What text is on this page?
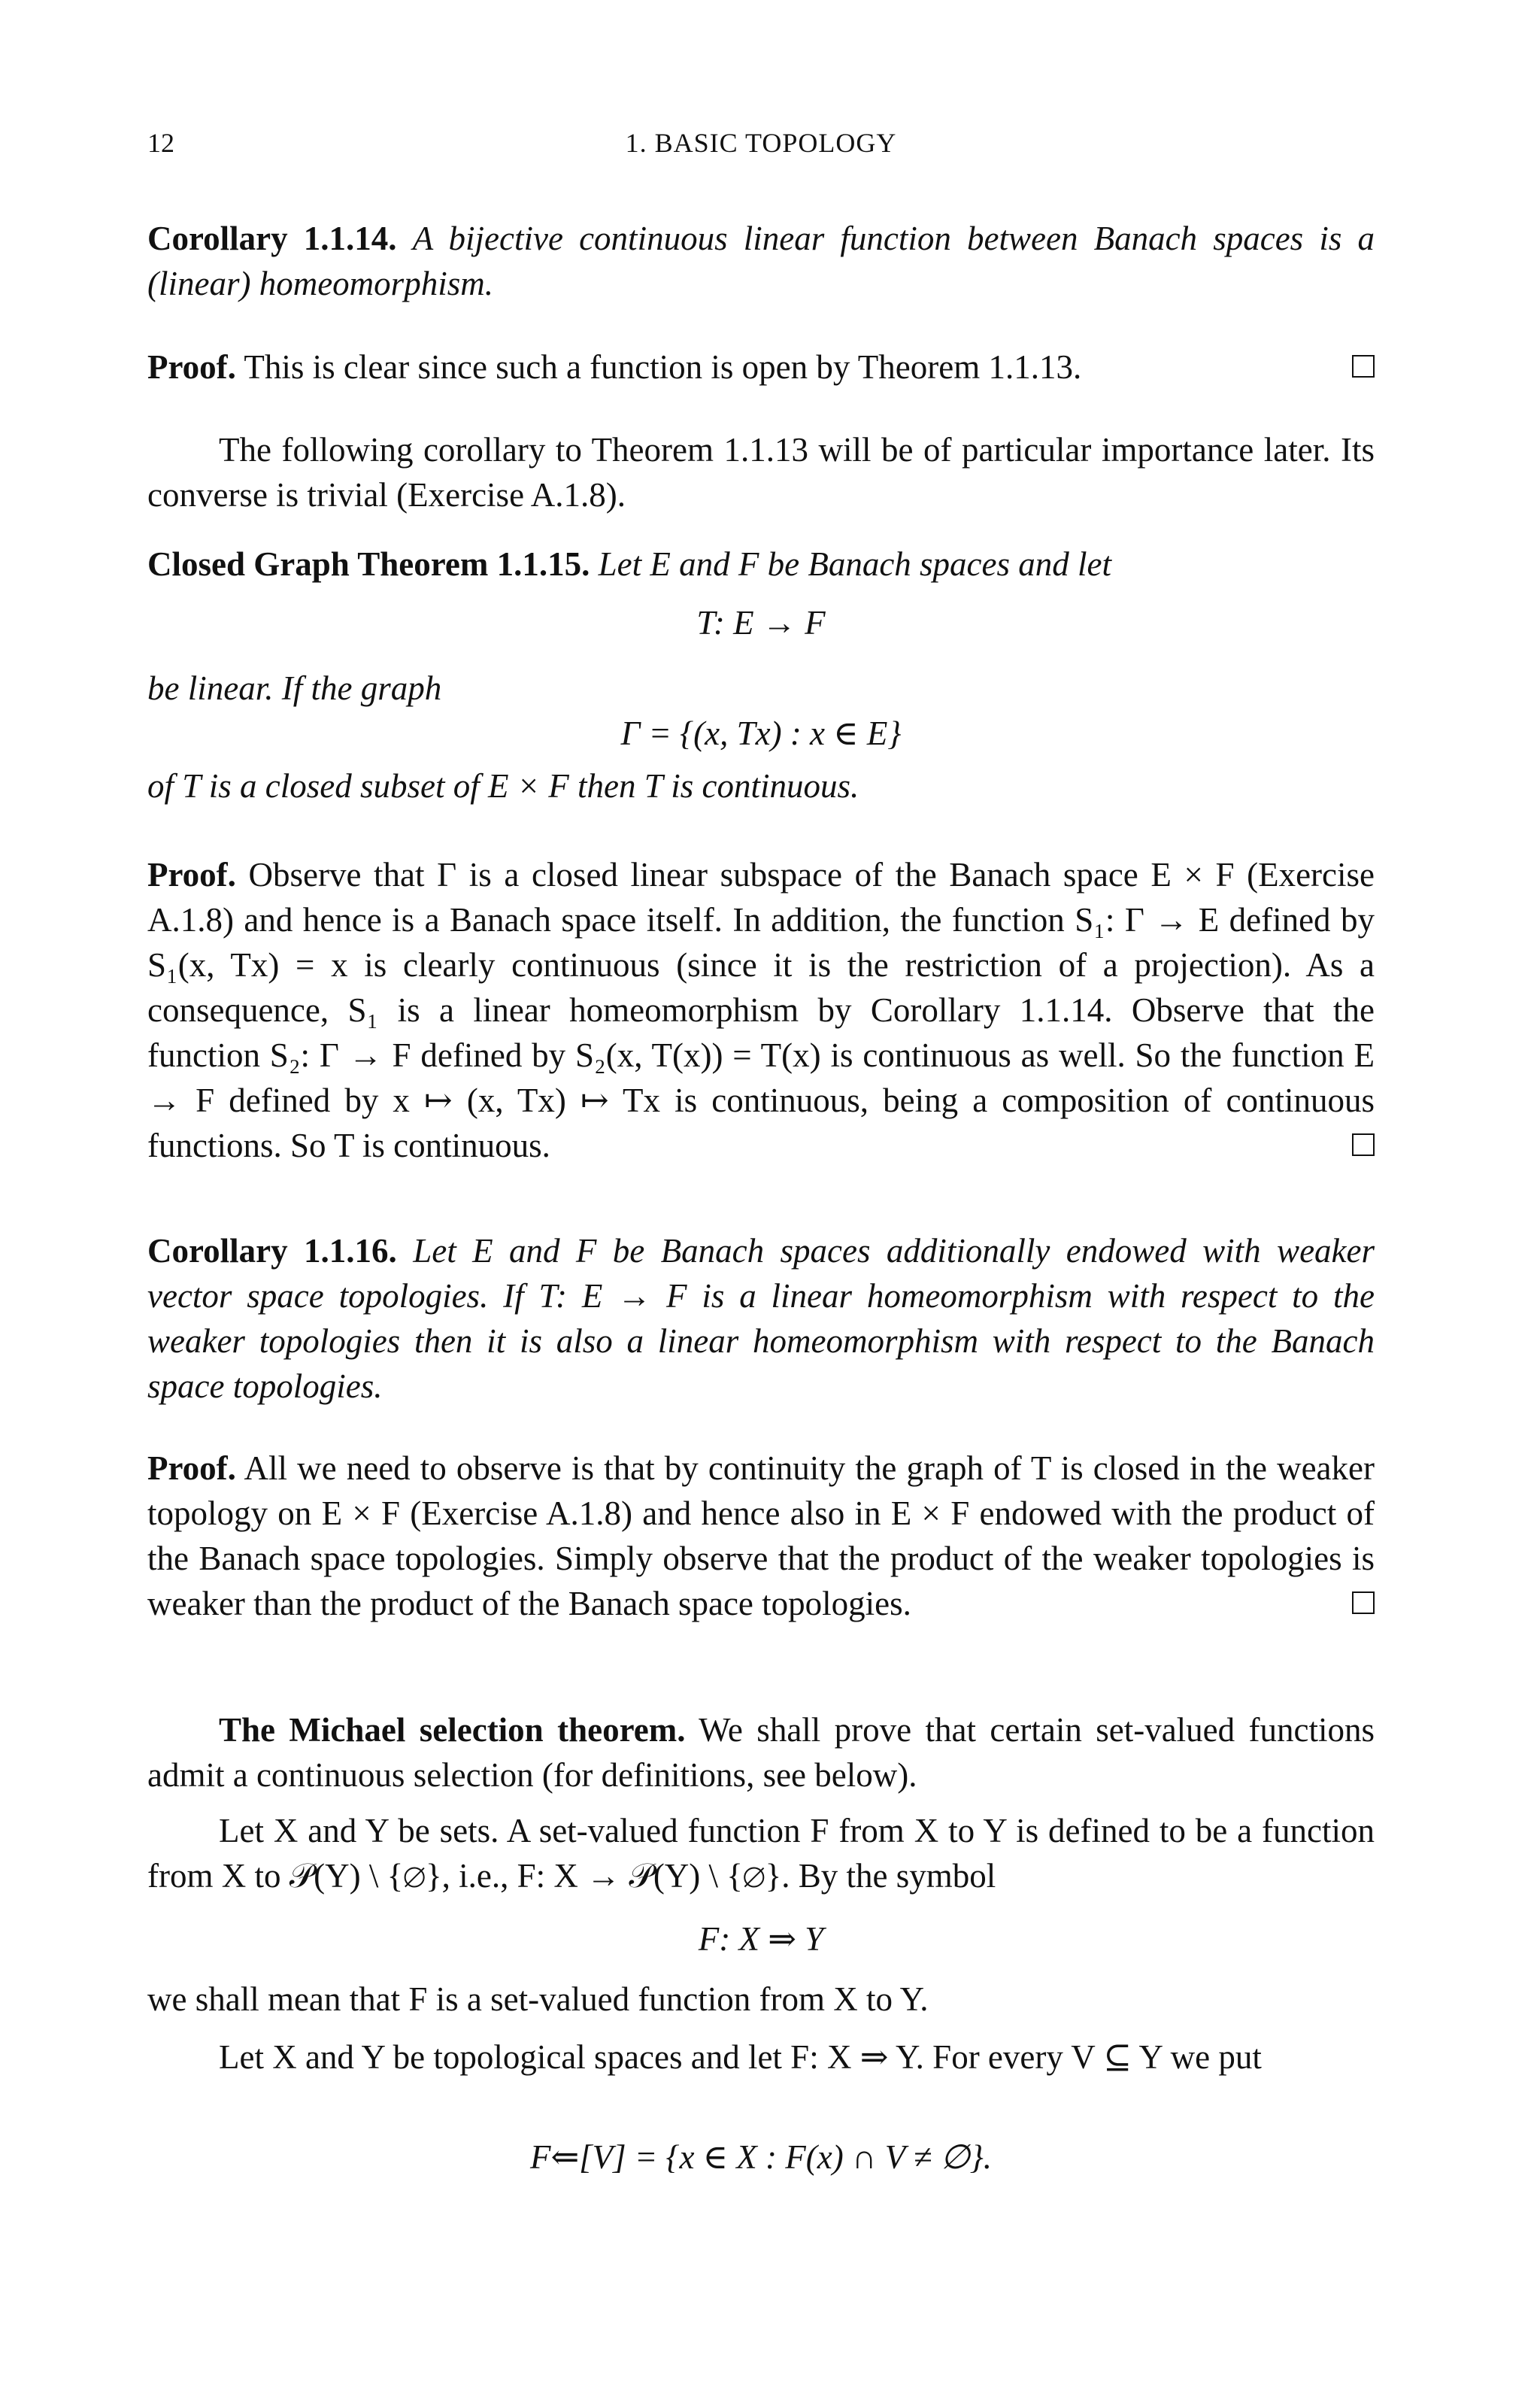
12	1. BASIC TOPOLOGY
Corollary 1.1.14. A bijective continuous linear function between Banach spaces is a (linear) homeomorphism.
Proof. This is clear since such a function is open by Theorem 1.1.13.
The following corollary to Theorem 1.1.13 will be of particular importance later. Its converse is trivial (Exercise A.1.8).
Closed Graph Theorem 1.1.15. Let E and F be Banach spaces and let
T: E → F
be linear. If the graph
Γ = {(x, Tx) : x ∈ E}
of T is a closed subset of E × F then T is continuous.
Proof. Observe that Γ is a closed linear subspace of the Banach space E × F (Exercise A.1.8) and hence is a Banach space itself. In addition, the function S₁: Γ → E defined by S₁(x, Tx) = x is clearly continuous (since it is the restriction of a projection). As a consequence, S₁ is a linear homeomorphism by Corollary 1.1.14. Observe that the function S₂: Γ → F defined by S₂(x, T(x)) = T(x) is continuous as well. So the function E → F defined by x ↦ (x, Tx) ↦ Tx is continuous, being a composition of continuous functions. So T is continuous.
Corollary 1.1.16. Let E and F be Banach spaces additionally endowed with weaker vector space topologies. If T: E → F is a linear homeomorphism with respect to the weaker topologies then it is also a linear homeomorphism with respect to the Banach space topologies.
Proof. All we need to observe is that by continuity the graph of T is closed in the weaker topology on E × F (Exercise A.1.8) and hence also in E × F endowed with the product of the Banach space topologies. Simply observe that the product of the weaker topologies is weaker than the product of the Banach space topologies.
The Michael selection theorem. We shall prove that certain set-valued functions admit a continuous selection (for definitions, see below).
Let X and Y be sets. A set-valued function F from X to Y is defined to be a function from X to 𝒫(Y) \ {∅}, i.e., F: X → 𝒫(Y) \ {∅}. By the symbol
F: X ⇒ Y
we shall mean that F is a set-valued function from X to Y.
Let X and Y be topological spaces and let F: X ⇒ Y. For every V ⊆ Y we put
F⇐[V] = {x ∈ X : F(x) ∩ V ≠ ∅}.
